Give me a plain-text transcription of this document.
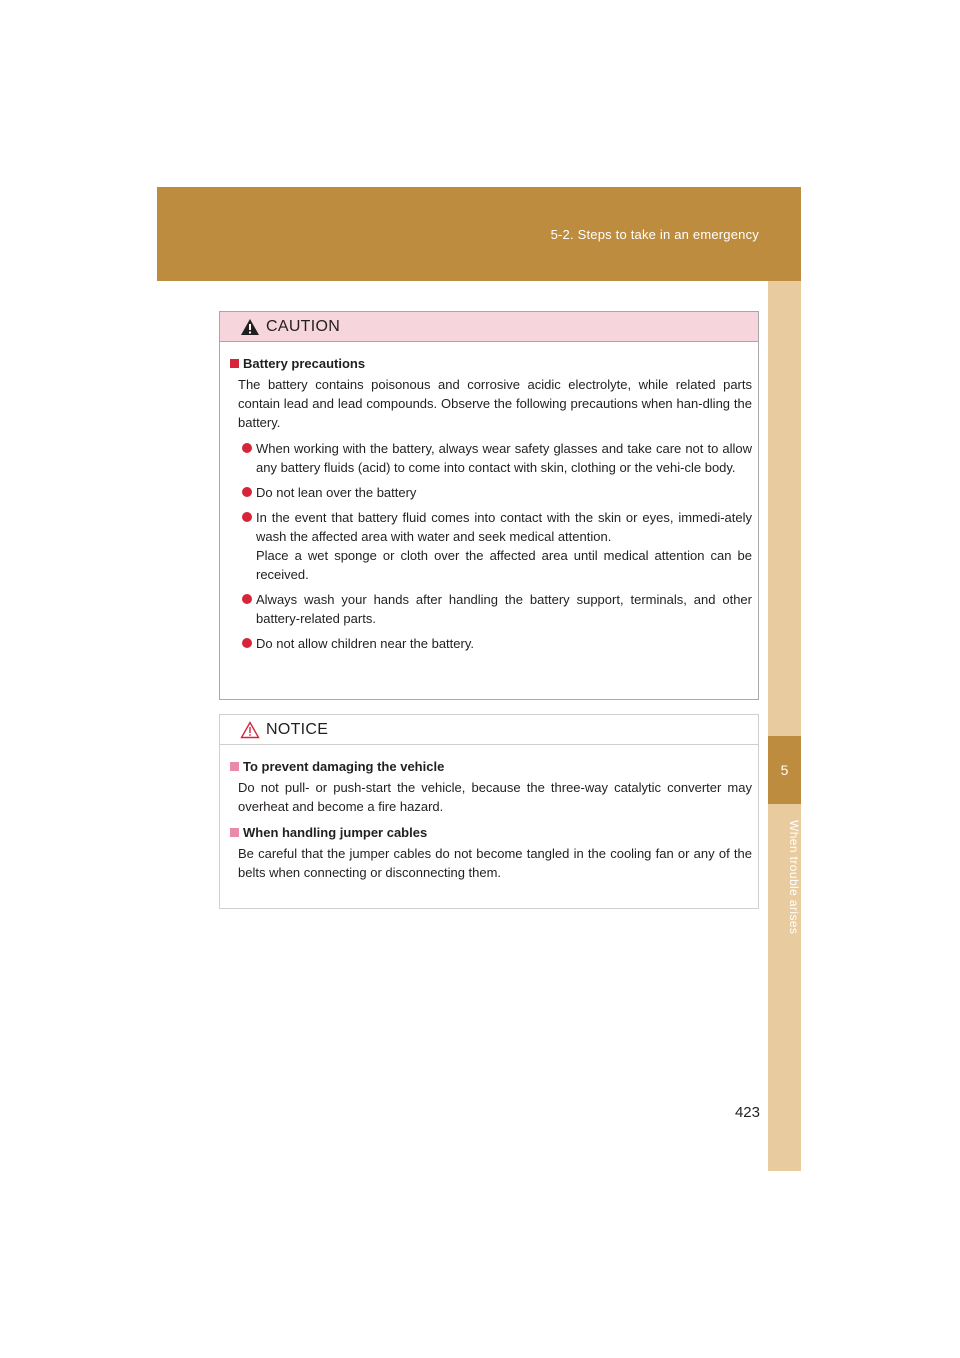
5-2. Steps to take in an emergency
5
When trouble arises
CAUTION
Battery precautions

The battery contains poisonous and corrosive acidic electrolyte, while related parts contain lead and lead compounds. Observe the following precautions when han-dling the battery.

When working with the battery, always wear safety glasses and take care not to allow any battery fluids (acid) to come into contact with skin, clothing or the vehi-cle body.
Do not lean over the battery
In the event that battery fluid comes into contact with the skin or eyes, immedi-ately wash the affected area with water and seek medical attention.
Place a wet sponge or cloth over the affected area until medical attention can be received.
Always wash your hands after handling the battery support, terminals, and other battery-related parts.
Do not allow children near the battery.
NOTICE
To prevent damaging the vehicle

Do not pull- or push-start the vehicle, because the three-way catalytic converter may overheat and become a fire hazard.

When handling jumper cables

Be careful that the jumper cables do not become tangled in the cooling fan or any of the belts when connecting or disconnecting them.

423
